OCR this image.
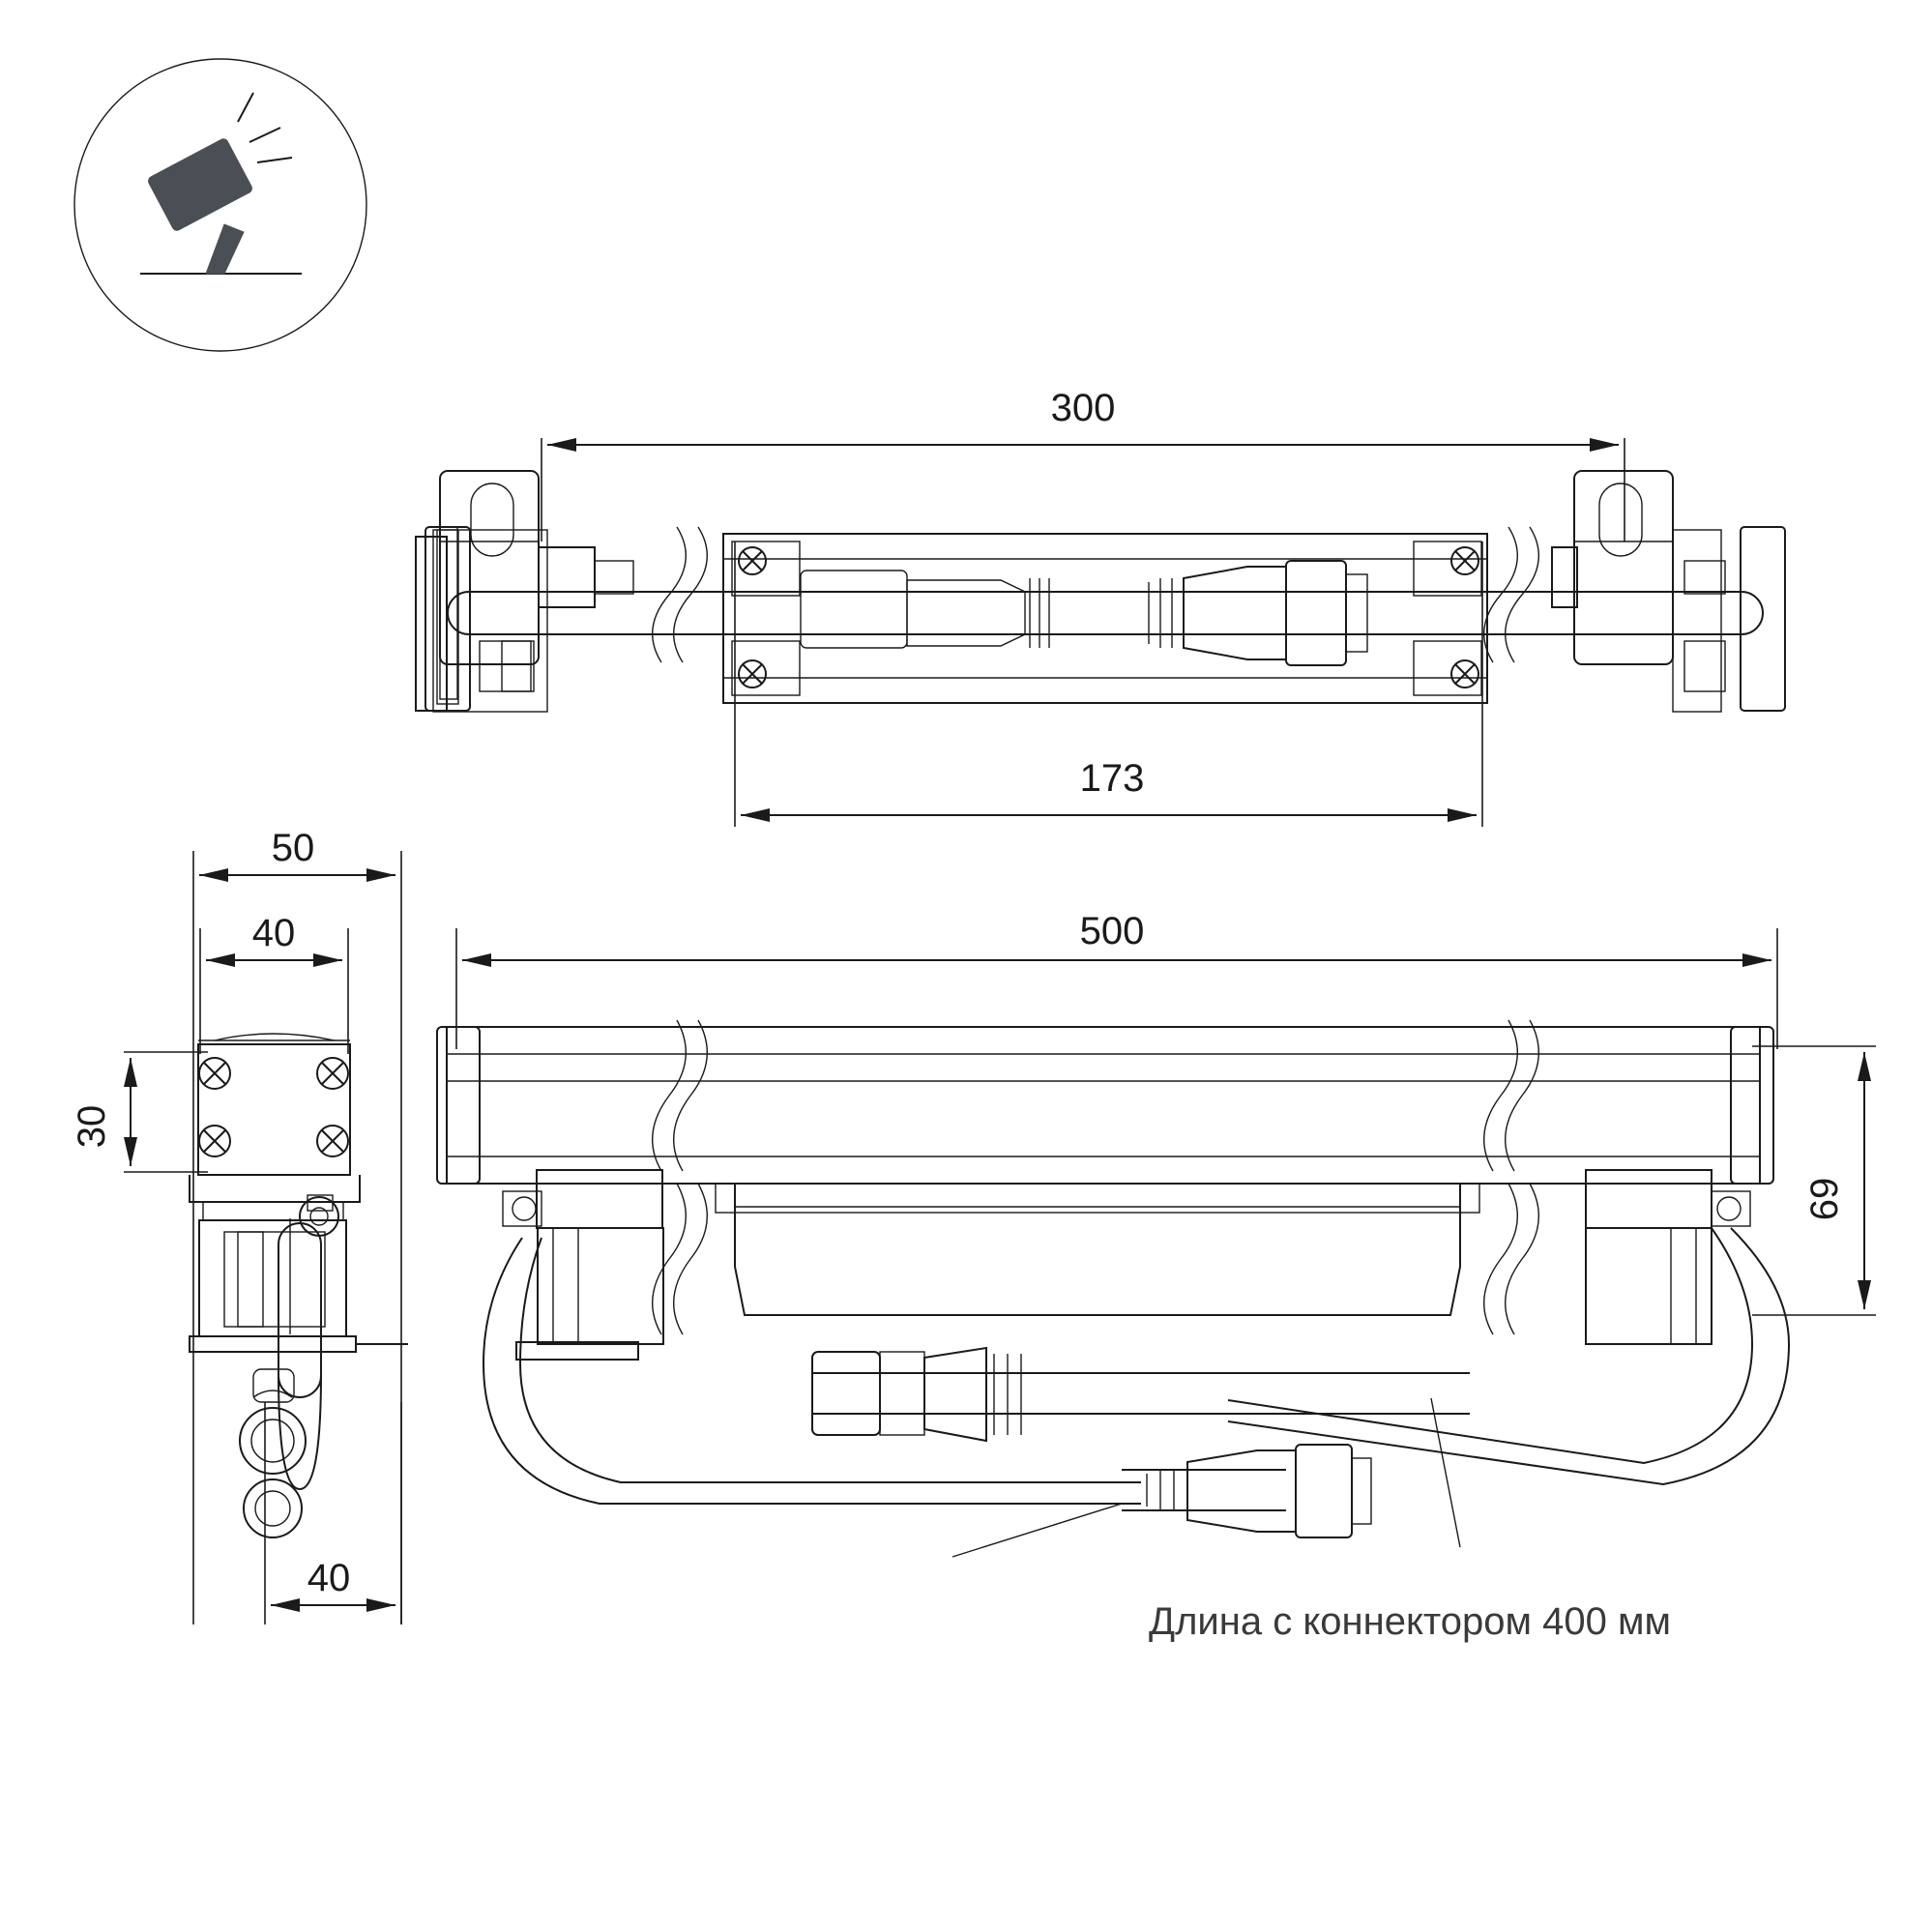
300
173
50
40
30
40
500
69
Длина с коннектором 400 мм
